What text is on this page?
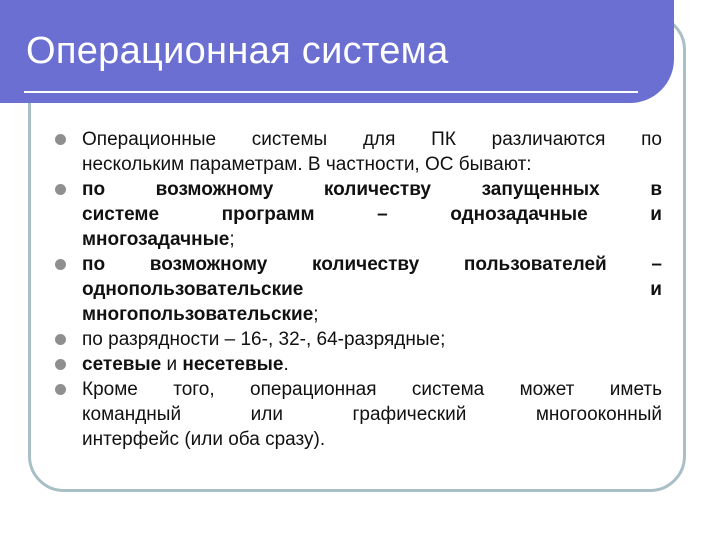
Операционная система
Операционные системы для ПК различаются по
нескольким параметрам. В частности, ОС бывают:
по возможному количеству запущенных в
системе программ – однозадачные и
многозадачные;
по возможному количеству пользователей –
однопользовательские и
многопользовательские;
по разрядности – 16-, 32-, 64-разрядные;
сетевые и несетевые.
Кроме того, операционная система может иметь
командный или графический многооконный
интерфейс (или оба сразу).
